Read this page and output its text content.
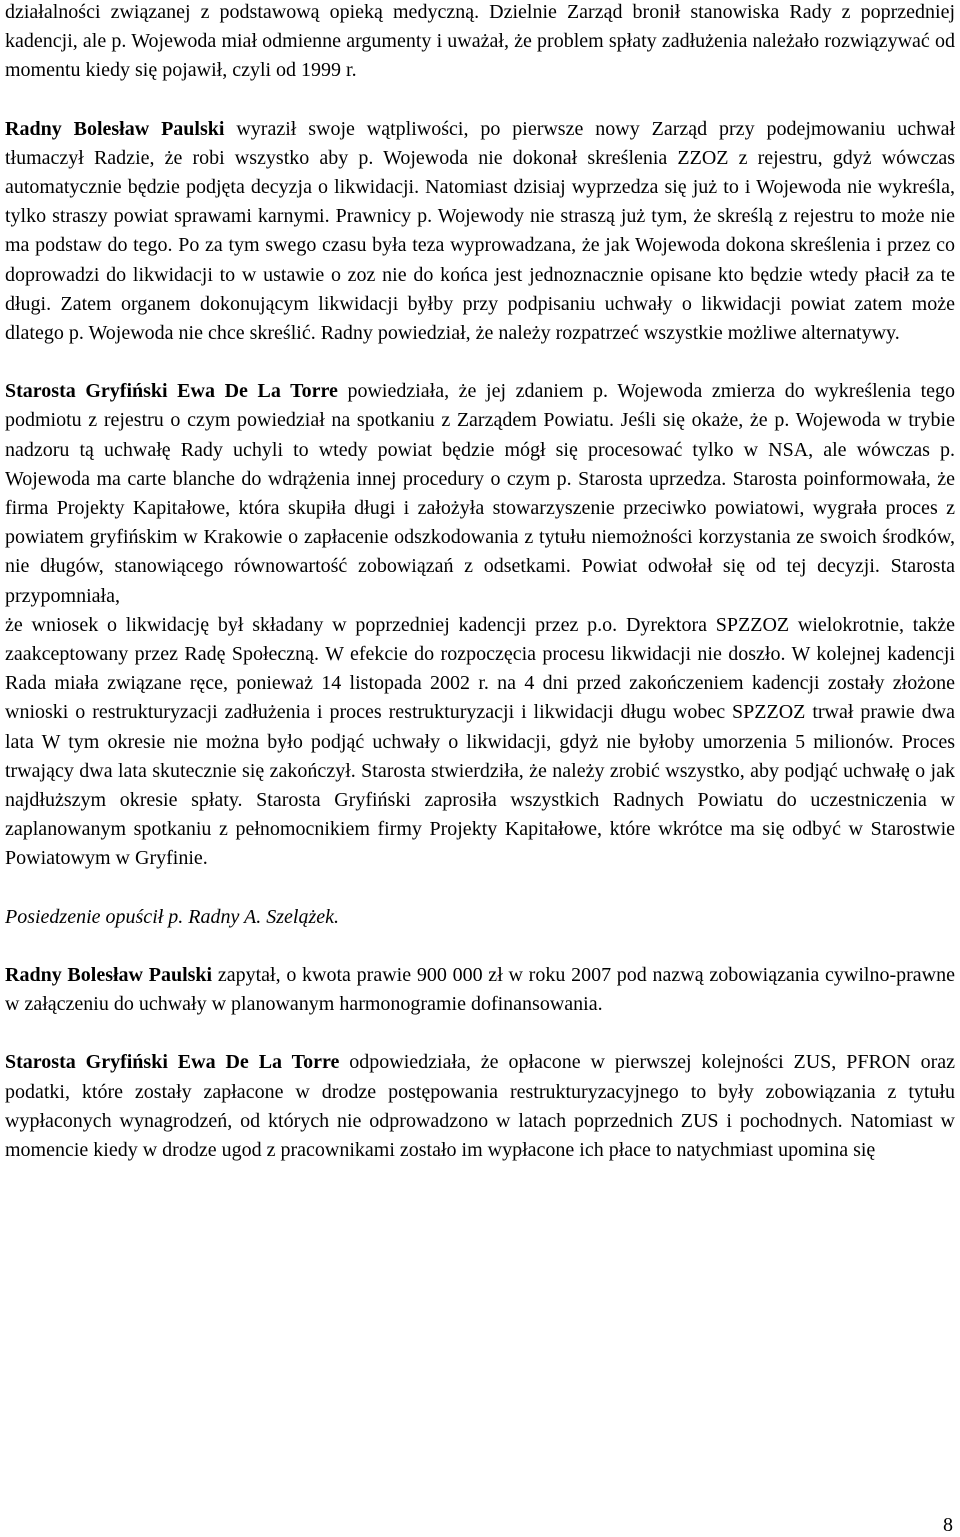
działalności związanej z podstawową opieką medyczną. Dzielnie Zarząd bronił stanowiska Rady z poprzedniej kadencji, ale p. Wojewoda miał odmienne argumenty i uważał, że problem spłaty zadłużenia należało rozwiązywać od momentu kiedy się pojawił, czyli od 1999 r.

Radny Bolesław Paulski wyraził swoje wątpliwości, po pierwsze nowy Zarząd przy podejmowaniu uchwał tłumaczył Radzie, że robi wszystko aby p. Wojewoda nie dokonał skreślenia ZZOZ z rejestru, gdyż wówczas automatycznie będzie podjęta decyzja o likwidacji. Natomiast dzisiaj wyprzedza się już to i Wojewoda nie wykreśla, tylko straszy powiat sprawami karnymi. Prawnicy p. Wojewody nie straszą już tym, że skreślą z rejestru to może nie ma podstaw do tego. Po za tym swego czasu była teza wyprowadzana, że jak Wojewoda dokona skreślenia i przez co doprowadzi do likwidacji to w ustawie o zoz nie do końca jest jednoznacznie opisane kto będzie wtedy płacił za te długi. Zatem organem dokonującym likwidacji byłby przy podpisaniu uchwały o likwidacji powiat zatem może dlatego p. Wojewoda nie chce skreślić. Radny powiedział, że należy rozpatrzeć wszystkie możliwe alternatywy.

Starosta Gryfiński Ewa De La Torre powiedziała, że jej zdaniem p. Wojewoda zmierza do wykreślenia tego podmiotu z rejestru o czym powiedział na spotkaniu z Zarządem Powiatu. Jeśli się okaże, że p. Wojewoda w trybie nadzoru tą uchwałę Rady uchyli to wtedy powiat będzie mógł się procesować tylko w NSA, ale wówczas p. Wojewoda ma carte blanche do wdrążenia innej procedury o czym p. Starosta uprzedza. Starosta poinformowała, że firma Projekty Kapitałowe, która skupiła długi i założyła stowarzyszenie przeciwko powiatowi, wygrała proces z powiatem gryfińskim w Krakowie o zapłacenie odszkodowania z tytułu niemożności korzystania ze swoich środków, nie długów, stanowiącego równowartość zobowiązań z odsetkami. Powiat odwołał się od tej decyzji. Starosta przypomniała,
że wniosek o likwidację był składany w poprzedniej kadencji przez p.o. Dyrektora SPZZOZ wielokrotnie, także zaakceptowany przez Radę Społeczną. W efekcie do rozpoczęcia procesu likwidacji nie doszło. W kolejnej kadencji Rada miała związane ręce, ponieważ 14 listopada 2002 r. na 4 dni przed zakończeniem kadencji zostały złożone wnioski o restrukturyzacji zadłużenia i proces restrukturyzacji i likwidacji długu wobec SPZZOZ trwał prawie dwa lata W tym okresie nie można było podjąć uchwały o likwidacji, gdyż nie byłoby umorzenia 5 milionów. Proces trwający dwa lata skutecznie się zakończył. Starosta stwierdziła, że należy zrobić wszystko, aby podjąć uchwałę o jak najdłuższym okresie spłaty. Starosta Gryfiński zaprosiła wszystkich Radnych Powiatu do uczestniczenia w zaplanowanym spotkaniu z pełnomocnikiem firmy Projekty Kapitałowe, które wkrótce ma się odbyć w Starostwie Powiatowym w Gryfinie.

Posiedzenie opuścił p. Radny A. Szelążek.

Radny Bolesław Paulski zapytał, o kwota prawie 900 000 zł w roku 2007 pod nazwą zobowiązania cywilno-prawne w załączeniu do uchwały w planowanym harmonogramie dofinansowania.

Starosta Gryfiński Ewa De La Torre odpowiedziała, że opłacone w pierwszej kolejności ZUS, PFRON oraz podatki, które zostały zapłacone w drodze postępowania restrukturyzacyjnego to były zobowiązania z tytułu wypłaconych wynagrodzeń, od których nie odprowadzono w latach poprzednich ZUS i pochodnych. Natomiast w momencie kiedy w drodze ugod z pracownikami zostało im wypłacone ich płace to natychmiast upomina się

8
